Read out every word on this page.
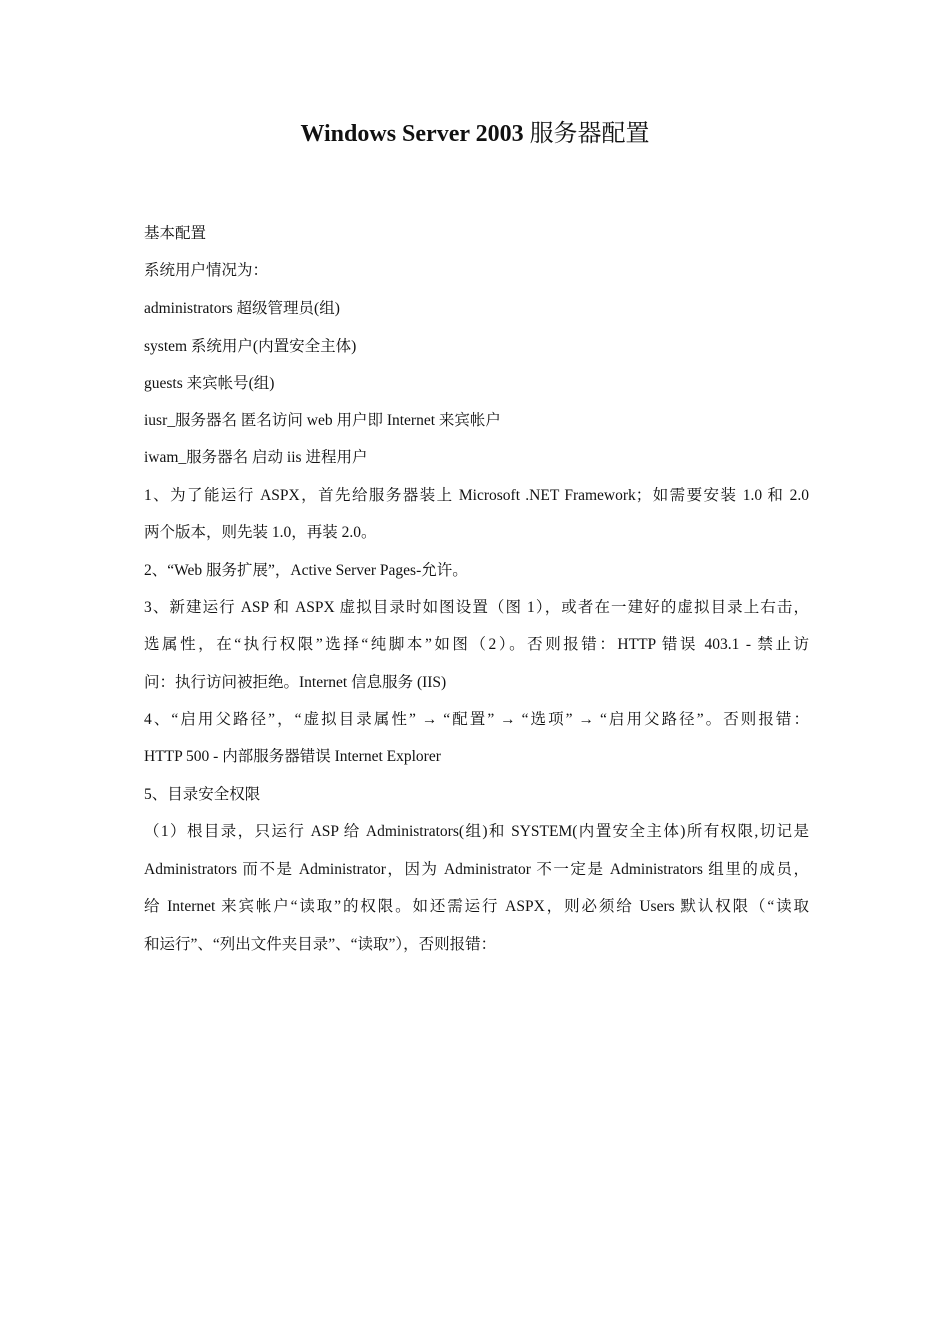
Windows Server 2003 服务器配置
基本配置
系统用户情况为：
administrators 超级管理员(组)
system 系统用户(内置安全主体)
guests 来宾帐号(组)
iusr_服务器名 匿名访问 web 用户即 Internet 来宾帐户
iwam_服务器名 启动 iis 进程用户
1、为了能运行 ASPX，首先给服务器装上 Microsoft .NET Framework；如需要安装 1.0 和 2.0
两个版本，则先装 1.0，再装 2.0。
2、“Web 服务扩展”，Active Server Pages-允许。
3、新建运行 ASP 和 ASPX 虚拟目录时如图设置（图 1），或者在一建好的虚拟目录上右击，
选属性，在“执行权限”选择“纯脚本”如图（2）。否则报错：HTTP 错误 403.1 - 禁止访
问：执行访问被拒绝。Internet 信息服务 (IIS)
4、“启用父路径”，“虚拟目录属性” → “配置” → “选项” → “启用父路径”。否则报错：
HTTP 500 - 内部服务器错误 Internet Explorer
5、目录安全权限
（1）根目录，只运行 ASP 给 Administrators(组)和 SYSTEM(内置安全主体)所有权限,切记是
Administrators 而不是 Administrator，因为 Administrator 不一定是 Administrators 组里的成员，
给 Internet 来宾帐户“读取”的权限。如还需运行 ASPX，则必须给 Users 默认权限（“读取
和运行”、“列出文件夹目录”、“读取”），否则报错：
